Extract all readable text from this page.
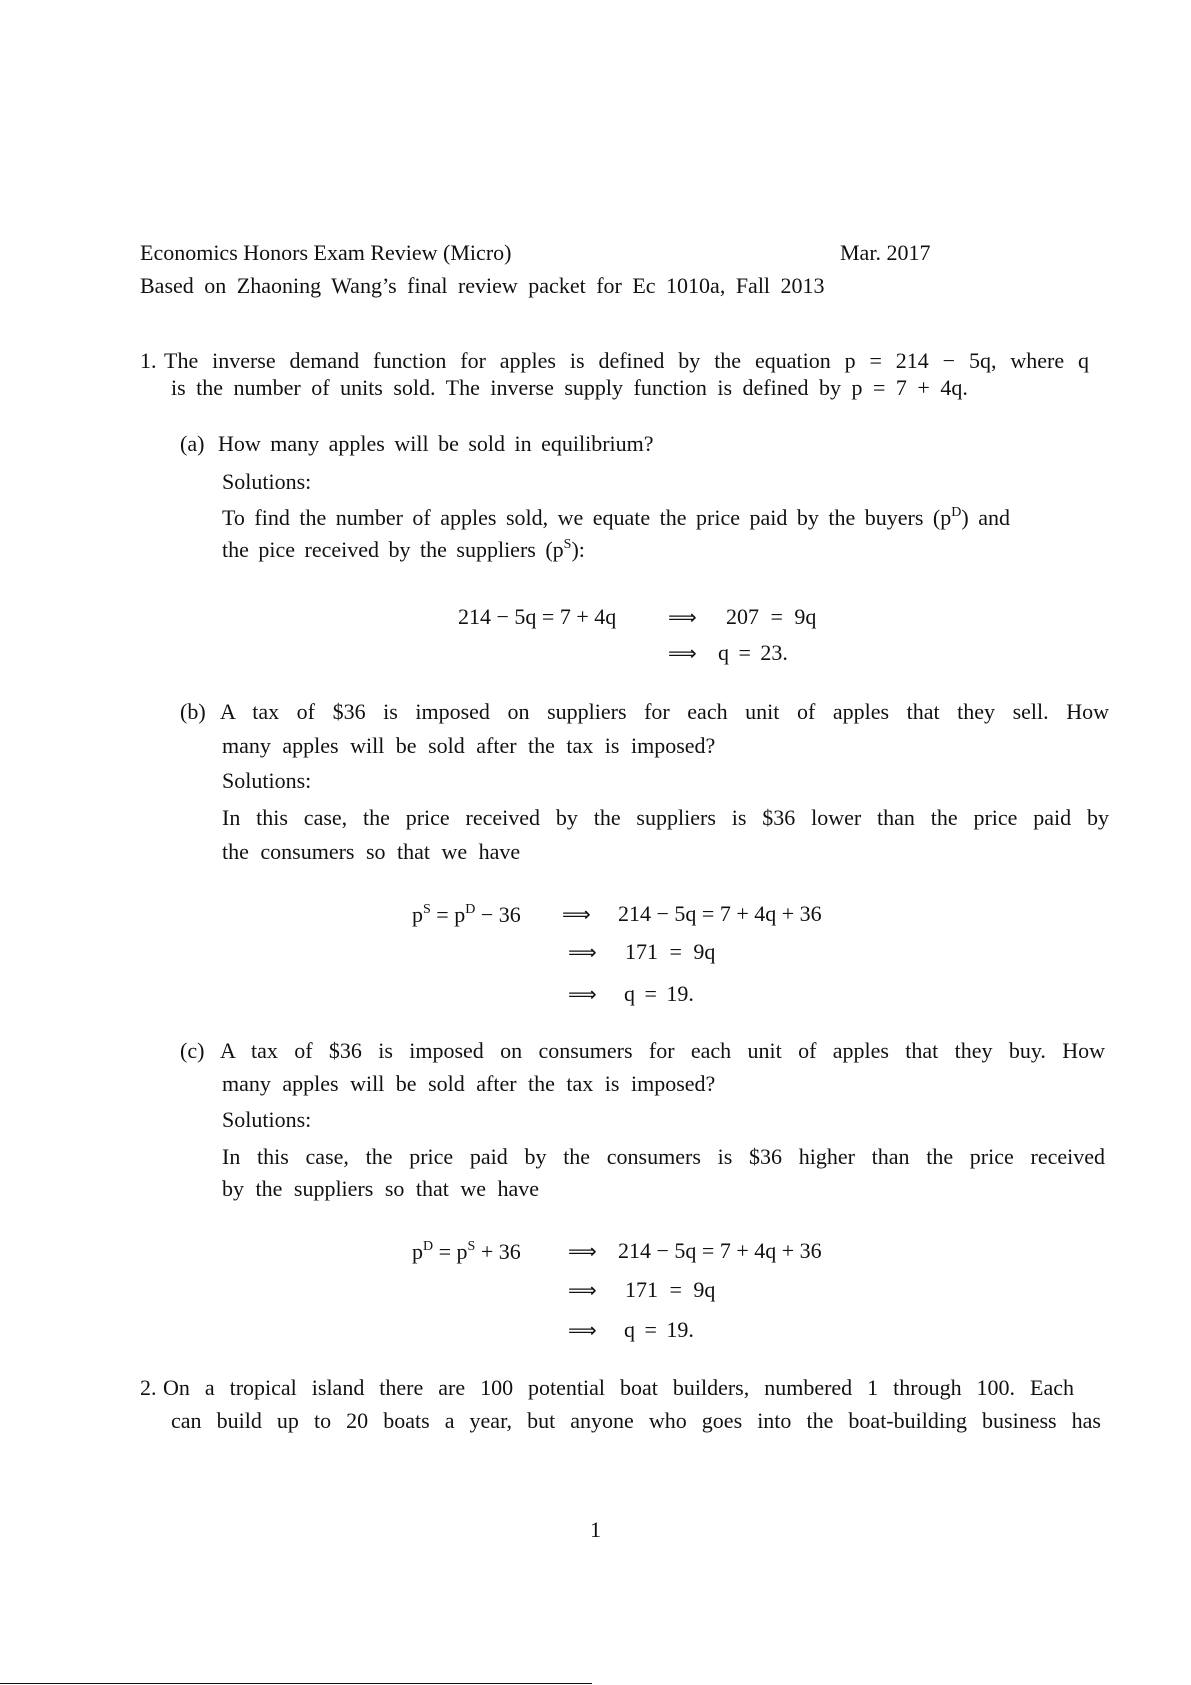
Economics Honors Exam Review (Micro)	Mar. 2017
Based on Zhaoning Wang’s final review packet for Ec 1010a, Fall 2013
1. The inverse demand function for apples is defined by the equation p = 214 − 5q, where q
is the number of units sold. The inverse supply function is defined by p = 7 + 4q.
(a) How many apples will be sold in equilibrium?
Solutions:
To find the number of apples sold, we equate the price paid by the buyers $(p^D)$ and
the pice received by the suppliers $(p^S)$:
214 − 5q = 7 + 4q	⟹ 207 = 9q
⟹ q = 23.
(b) A tax of $36 is imposed on suppliers for each unit of apples that they sell. How
many apples will be sold after the tax is imposed?
Solutions:
In this case, the price received by the suppliers is $36 lower than the price paid by
the consumers so that we have
$p^S = p^D - 36$ ⟹ 214 − 5q = 7 + 4q + 36
⟹ 171 = 9q
⟹ q = 19.
(c) A tax of $36 is imposed on consumers for each unit of apples that they buy. How
many apples will be sold after the tax is imposed?
Solutions:
In this case, the price paid by the consumers is $36 higher than the price received
by the suppliers so that we have
$p^D = p^S + 36$ ⟹ 214 − 5q = 7 + 4q + 36
⟹ 171 = 9q
⟹ q = 19.
2. On a tropical island there are 100 potential boat builders, numbered 1 through 100. Each
can build up to 20 boats a year, but anyone who goes into the boat-building business has
1
